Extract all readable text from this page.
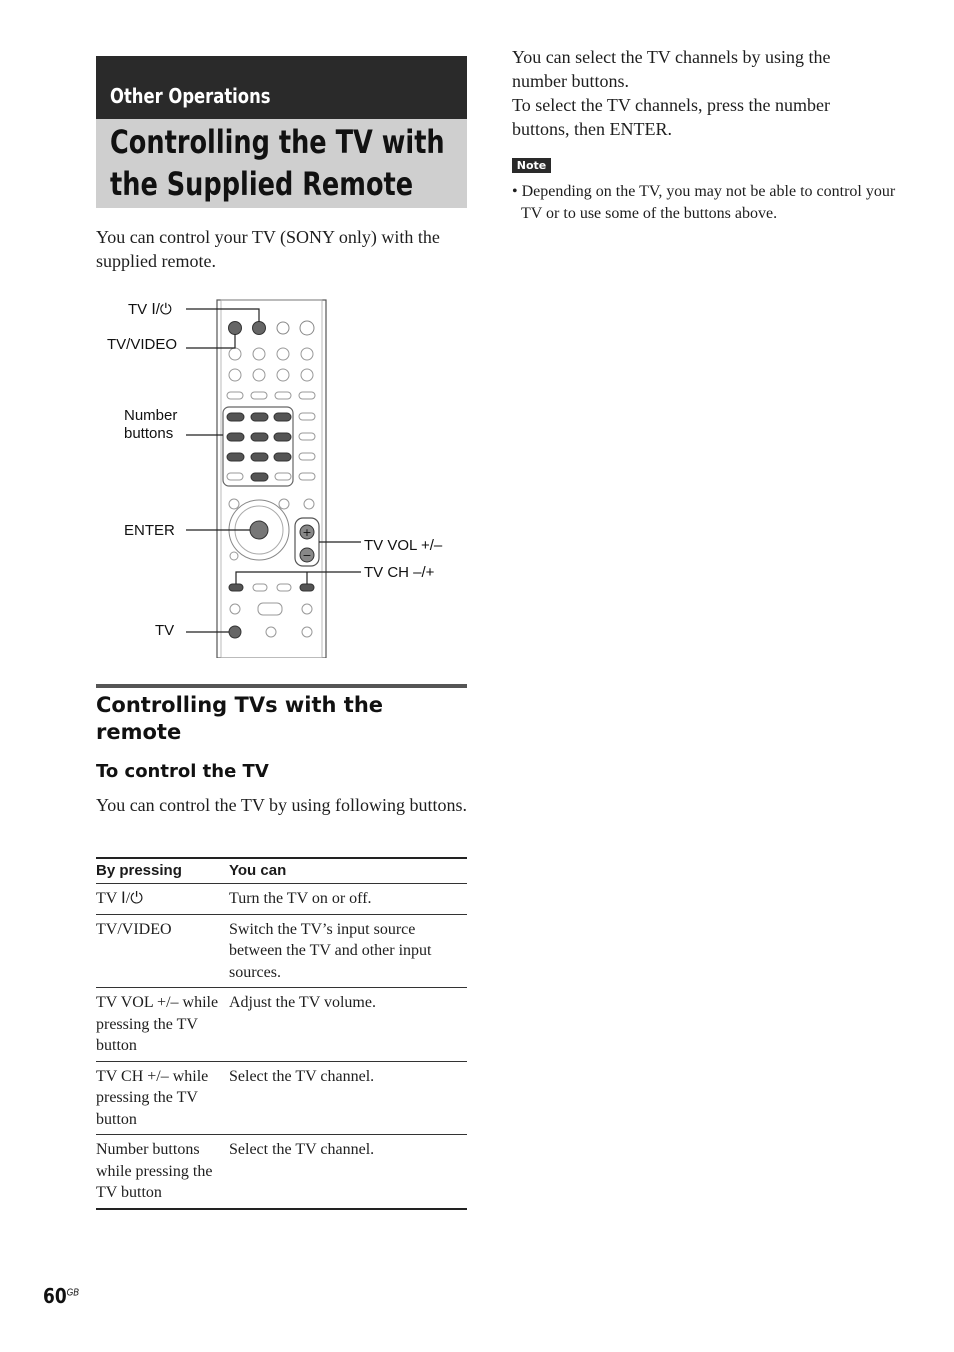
Other Operations
Controlling the TV with the Supplied Remote
You can control your TV (SONY only) with the supplied remote.
+
−
TV Ⅰ/⏻
TV/VIDEO
Number
buttons
ENTER
TV
TV VOL +/–
TV CH –/+
Controlling TVs with the remote
To control the TV
You can control the TV by using following buttons.
By pressing	You can
TV Ⅰ/⏻	Turn the TV on or off.
TV/VIDEO	Switch the TV’s input source between the TV and other input sources.
TV VOL +/– while pressing the TV button	Adjust the TV volume.
TV CH +/– while pressing the TV button	Select the TV channel.
Number buttons while pressing the TV button	Select the TV channel.
You can select the TV channels by using the number buttons.
To select the TV channels, press the number buttons, then ENTER.
Note
• Depending on the TV, you may not be able to control your TV or to use some of the buttons above.
$60^{GB}$
